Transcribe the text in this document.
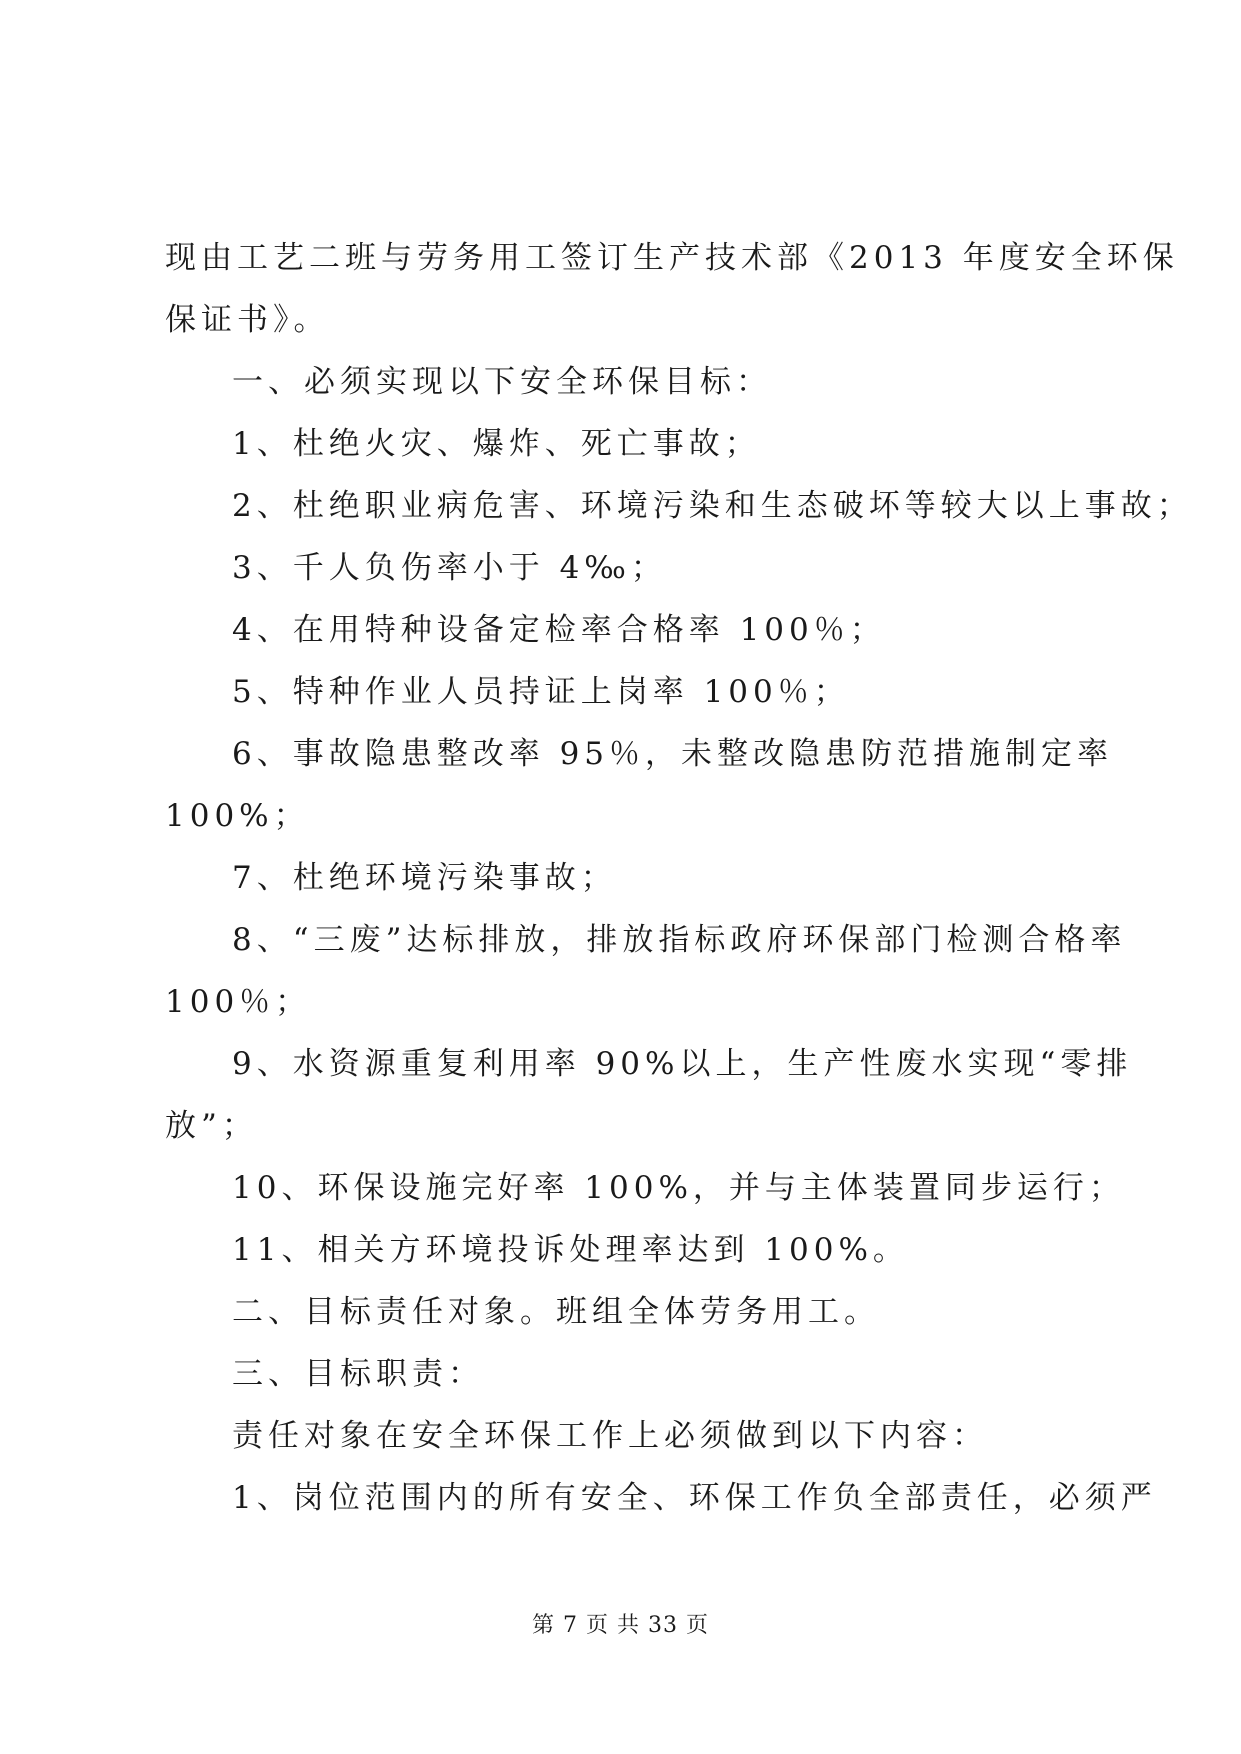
现由工艺二班与劳务用工签订生产技术部《2013 年度安全环保
保证书》。
一、必须实现以下安全环保目标：
1、杜绝火灾、爆炸、死亡事故；
2、杜绝职业病危害、环境污染和生态破坏等较大以上事故；
3、千人负伤率小于 4‰；
4、在用特种设备定检率合格率 100％；
5、特种作业人员持证上岗率 100％；
6、事故隐患整改率 95％，未整改隐患防范措施制定率
100%；
7、杜绝环境污染事故；
8、“三废”达标排放，排放指标政府环保部门检测合格率
100％；
9、水资源重复利用率 90%以上，生产性废水实现“零排
放”；
10、环保设施完好率 100%，并与主体装置同步运行；
11、相关方环境投诉处理率达到 100%。
二、目标责任对象。班组全体劳务用工。
三、目标职责：
责任对象在安全环保工作上必须做到以下内容：
1、岗位范围内的所有安全、环保工作负全部责任，必须严
第 7 页 共 33 页
